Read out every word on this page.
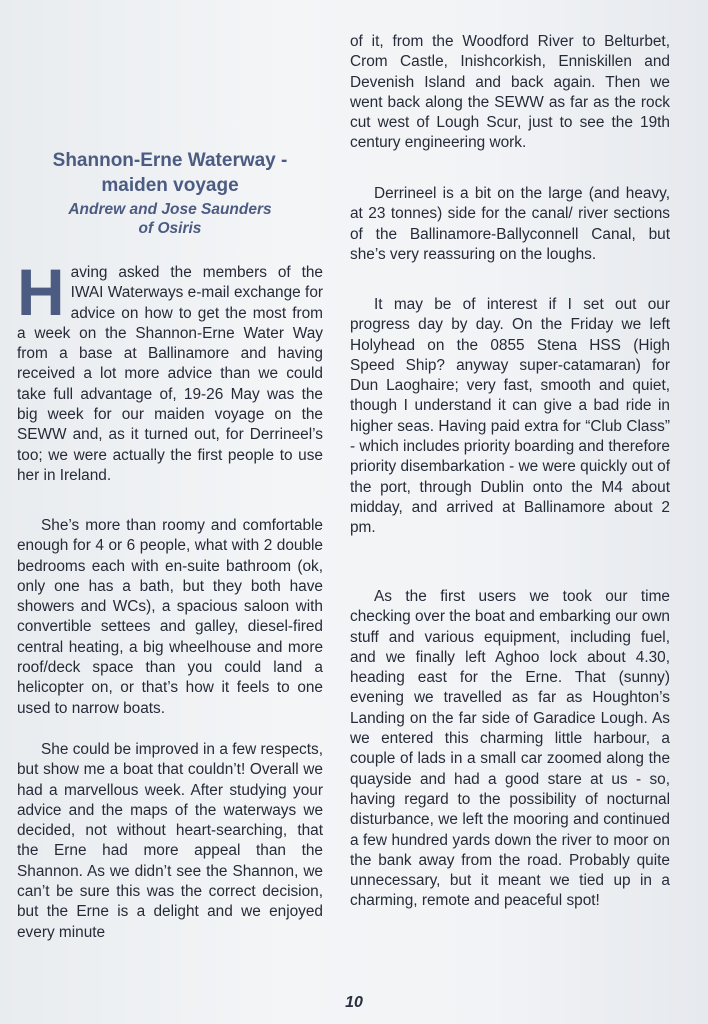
Shannon-Erne Waterway -
maiden voyage

Andrew and Jose Saunders
of Osiris

Having asked the members of the IWAI Waterways e-mail exchange for advice on how to get the most from a week on the Shannon-Erne Water Way from a base at Ballinamore and having received a lot more advice than we could take full advantage of, 19-26 May was the big week for our maiden voyage on the SEWW and, as it turned out, for Derrineel’s too; we were actually the first people to use her in Ireland.

She’s more than roomy and comfortable enough for 4 or 6 people, what with 2 double bedrooms each with en-suite bathroom (ok, only one has a bath, but they both have showers and WCs), a spacious saloon with convertible settees and galley, diesel-fired central heating, a big wheelhouse and more roof/deck space than you could land a helicopter on, or that’s how it feels to one used to narrow boats.

She could be improved in a few respects, but show me a boat that couldn’t! Overall we had a marvellous week. After studying your advice and the maps of the waterways we decided, not without heart-searching, that the Erne had more appeal than the Shannon. As we didn’t see the Shannon, we can’t be sure this was the correct decision, but the Erne is a delight and we enjoyed every minute

of it, from the Woodford River to Belturbet, Crom Castle, Inishcorkish, Enniskillen and Devenish Island and back again. Then we went back along the SEWW as far as the rock cut west of Lough Scur, just to see the 19th century engineering work.

Derrineel is a bit on the large (and heavy, at 23 tonnes) side for the canal/ river sections of the Ballinamore-Ballyconnell Canal, but she’s very reassuring on the loughs.

It may be of interest if I set out our progress day by day. On the Friday we left Holyhead on the 0855 Stena HSS (High Speed Ship? anyway super-catamaran) for Dun Laoghaire; very fast, smooth and quiet, though I understand it can give a bad ride in higher seas. Having paid extra for “Club Class” - which includes priority boarding and therefore priority disembarkation - we were quickly out of the port, through Dublin onto the M4 about midday, and arrived at Ballinamore about 2 pm.

As the first users we took our time checking over the boat and embarking our own stuff and various equipment, including fuel, and we finally left Aghoo lock about 4.30, heading east for the Erne. That (sunny) evening we travelled as far as Houghton’s Landing on the far side of Garadice Lough. As we entered this charming little harbour, a couple of lads in a small car zoomed along the quayside and had a good stare at us - so, having regard to the possibility of nocturnal disturbance, we left the mooring and continued a few hundred yards down the river to moor on the bank away from the road. Probably quite unnecessary, but it meant we tied up in a charming, remote and peaceful spot!

10
